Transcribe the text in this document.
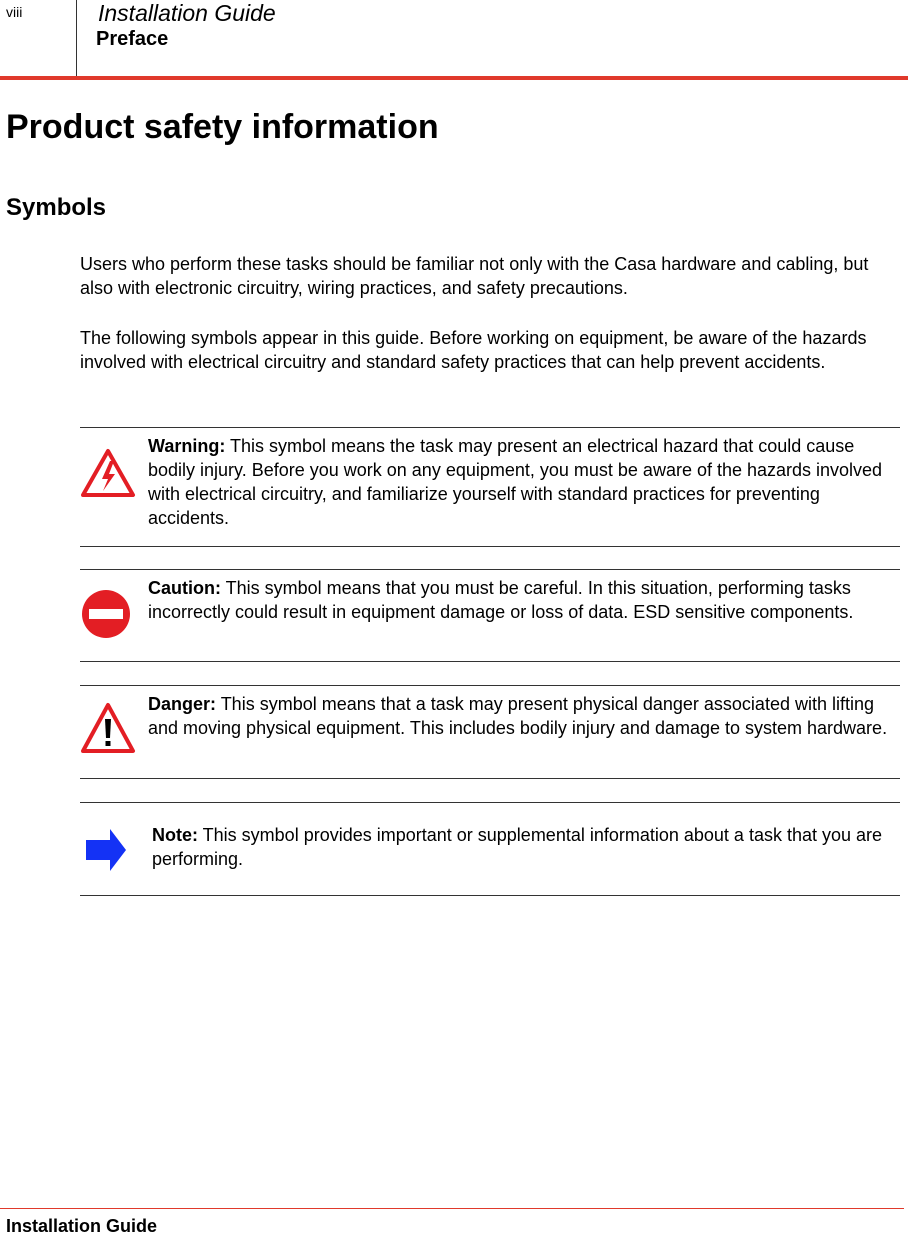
viii	Installation Guide
Preface
Product safety information
Symbols

Users who perform these tasks should be familiar not only with the Casa hardware and cabling, but also with electronic circuitry, wiring practices, and safety precautions.

The following symbols appear in this guide. Before working on equipment, be aware of the hazards involved with electrical circuitry and standard safety practices that can help prevent accidents.

Warning: This symbol means the task may present an electrical hazard that could cause bodily injury. Before you work on any equipment, you must be aware of the hazards involved with electrical circuitry, and familiarize yourself with standard practices for preventing accidents.

Caution: This symbol means that you must be careful. In this situation, performing tasks incorrectly could result in equipment damage or loss of data. ESD sensitive components.

Danger: This symbol means that a task may present physical danger associated with lifting and moving physical equipment. This includes bodily injury and damage to system hardware.

Note: This symbol provides important or supplemental information about a task that you are performing.

Installation Guide
